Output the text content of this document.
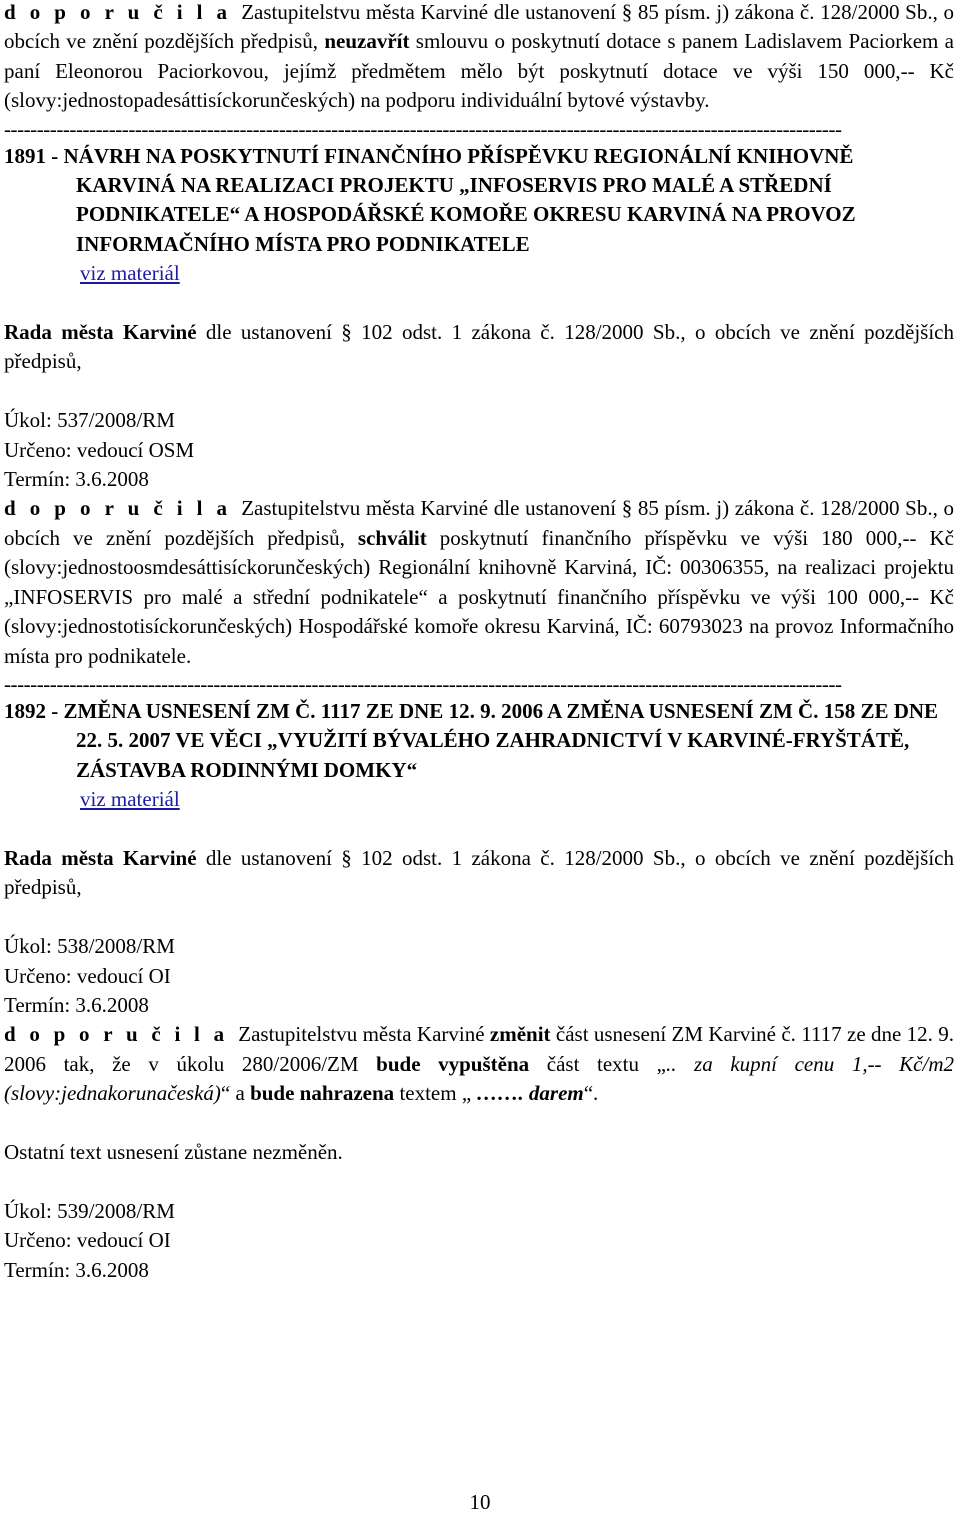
d o p o r u č i l a Zastupitelstvu města Karviné dle ustanovení § 85 písm. j) zákona č. 128/2000 Sb., o obcích ve znění pozdějších předpisů, neuzavřít smlouvu o poskytnutí dotace s panem Ladislavem Paciorkem a paní Eleonorou Paciorkovou, jejímž předmětem mělo být poskytnutí dotace ve výši 150 000,-- Kč (slovy:jednostopadesáttisíckorunčeských) na podporu individuální bytové výstavby.

--------------------------------------------------------------------------------------------------------------------------------

1891 - NÁVRH NA POSKYTNUTÍ FINANČNÍHO PŘÍSPĚVKU REGIONÁLNÍ KNIHOVNĚ KARVINÁ NA REALIZACI PROJEKTU „INFOSERVIS PRO MALÉ A STŘEDNÍ PODNIKATELE“ A HOSPODÁŘSKÉ KOMOŘE OKRESU KARVINÁ NA PROVOZ INFORMAČNÍHO MÍSTA PRO PODNIKATELE

viz materiál

Rada města Karviné dle ustanovení § 102 odst. 1 zákona č. 128/2000 Sb., o obcích ve znění pozdějších předpisů,

Úkol: 537/2008/RM

Určeno: vedoucí OSM

Termín: 3.6.2008

d o p o r u č i l a Zastupitelstvu města Karviné dle ustanovení § 85 písm. j) zákona č. 128/2000 Sb., o obcích ve znění pozdějších předpisů, schválit poskytnutí finančního příspěvku ve výši 180 000,-- Kč (slovy:jednostoosmdesáttisíckorunčeských) Regionální knihovně Karviná, IČ: 00306355, na realizaci projektu „INFOSERVIS pro malé a střední podnikatele“ a poskytnutí finančního příspěvku ve výši 100 000,-- Kč (slovy:jednostotisíckorunčeských) Hospodářské komoře okresu Karviná, IČ: 60793023 na provoz Informačního místa pro podnikatele.

--------------------------------------------------------------------------------------------------------------------------------

1892 - ZMĚNA USNESENÍ ZM Č. 1117 ZE DNE 12. 9. 2006 A ZMĚNA USNESENÍ ZM Č. 158 ZE DNE 22. 5. 2007 VE VĚCI „VYUŽITÍ BÝVALÉHO ZAHRADNICTVÍ V KARVINÉ-FRYŠTÁTĚ, ZÁSTAVBA RODINNÝMI DOMKY“

viz materiál

Rada města Karviné dle ustanovení § 102 odst. 1 zákona č. 128/2000 Sb., o obcích ve znění pozdějších předpisů,

Úkol: 538/2008/RM

Určeno: vedoucí OI

Termín: 3.6.2008

d o p o r u č i l a Zastupitelstvu města Karviné změnit část usnesení ZM Karviné č. 1117 ze dne 12. 9. 2006 tak, že v úkolu 280/2006/ZM bude vypuštěna část textu „.. za kupní cenu 1,-- Kč/m2 (slovy:jednakorunačeská)“ a bude nahrazena textem „ ……. darem“.

Ostatní text usnesení zůstane nezměněn.

Úkol: 539/2008/RM

Určeno: vedoucí OI

Termín: 3.6.2008

10
